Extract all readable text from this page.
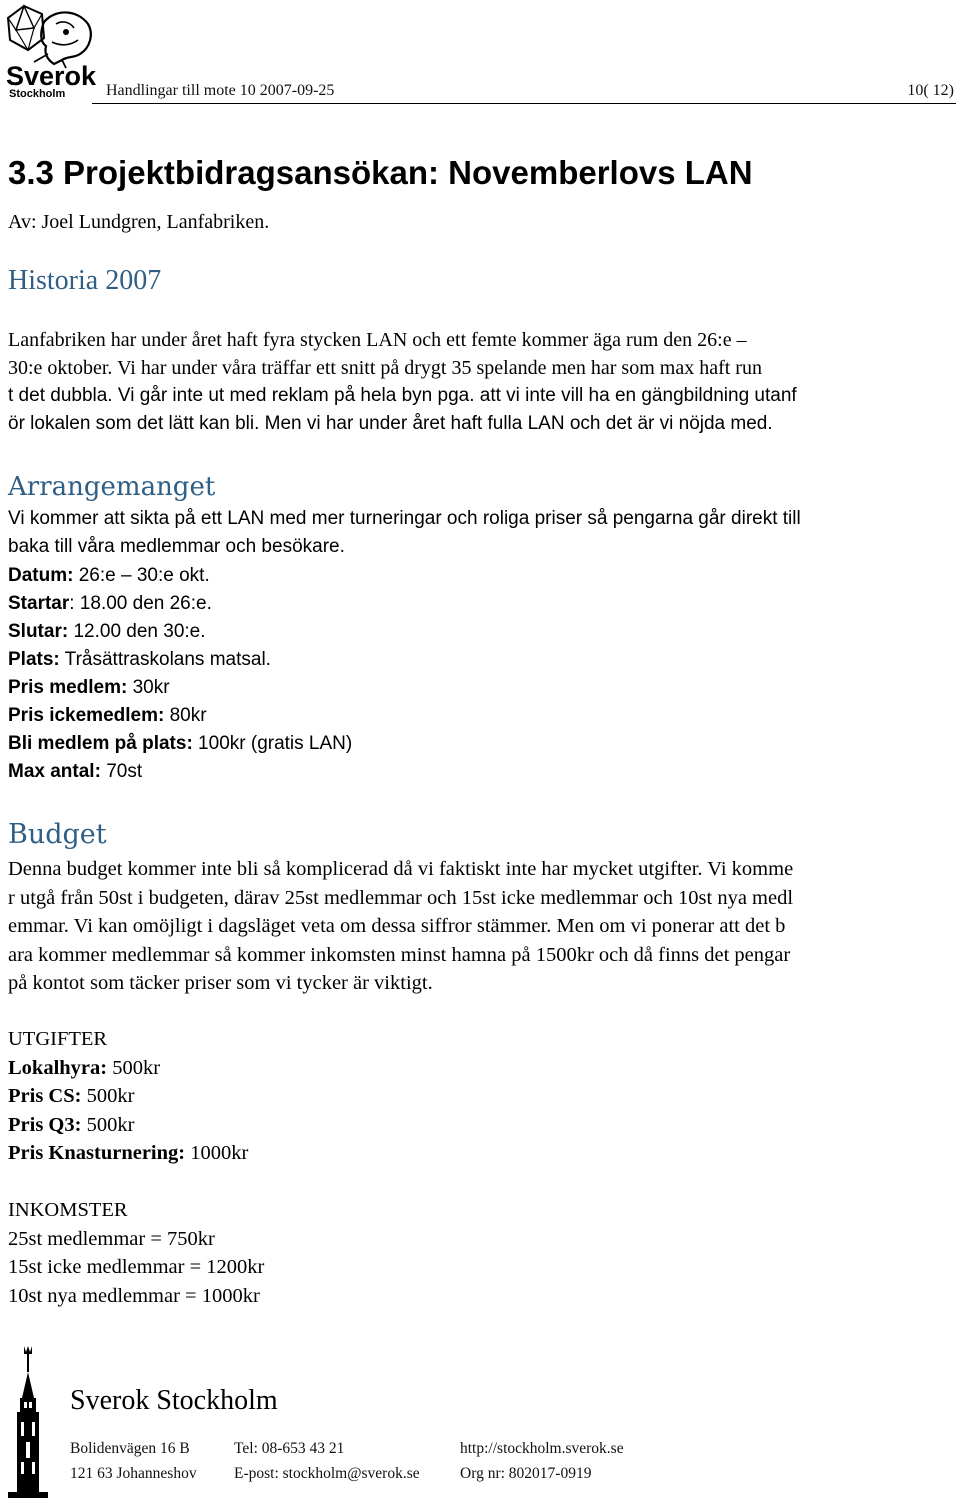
Sverok
Stockholm	Handlingar till mote 10 2007-09-25	10( 12)
3.3 Projektbidragsansökan: Novemberlovs LAN
Av: Joel Lundgren, Lanfabriken.
Historia 2007
Lanfabriken har under året haft fyra stycken LAN och ett femte kommer äga rum den 26:e –
30:e oktober. Vi har under våra träffar ett snitt på drygt 35 spelande men har som max haft run
t det dubbla. Vi går inte ut med reklam på hela byn pga. att vi inte vill ha en gängbildning utanf
ör lokalen som det lätt kan bli. Men vi har under året haft fulla LAN och det är vi nöjda med.
Arrangemanget
Vi kommer att sikta på ett LAN med mer turneringar och roliga priser så pengarna går direkt till
baka till våra medlemmar och besökare.
Datum: 26:e – 30:e okt.
Startar: 18.00 den 26:e.
Slutar: 12.00 den 30:e.
Plats: Tråsättraskolans matsal.
Pris medlem: 30kr
Pris ickemedlem: 80kr
Bli medlem på plats: 100kr (gratis LAN)
Max antal: 70st
Budget
Denna budget kommer inte bli så komplicerad då vi faktiskt inte har mycket utgifter. Vi komme
r utgå från 50st i budgeten, därav 25st medlemmar och 15st icke medlemmar och 10st nya medl
emmar. Vi kan omöjligt i dagsläget veta om dessa siffror stämmer. Men om vi ponerar att det b
ara kommer medlemmar så kommer inkomsten minst hamna på 1500kr och då finns det pengar
på kontot som täcker priser som vi tycker är viktigt.
UTGIFTER
Lokalhyra: 500kr
Pris CS: 500kr
Pris Q3: 500kr
Pris Knasturnering: 1000kr
INKOMSTER
25st medlemmar = 750kr
15st icke medlemmar = 1200kr
10st nya medlemmar = 1000kr
Sverok Stockholm
Bolidenvägen 16 B
121 63 Johanneshov
Tel: 08-653 43 21
E-post: stockholm@sverok.se
http://stockholm.sverok.se
Org nr: 802017-0919
